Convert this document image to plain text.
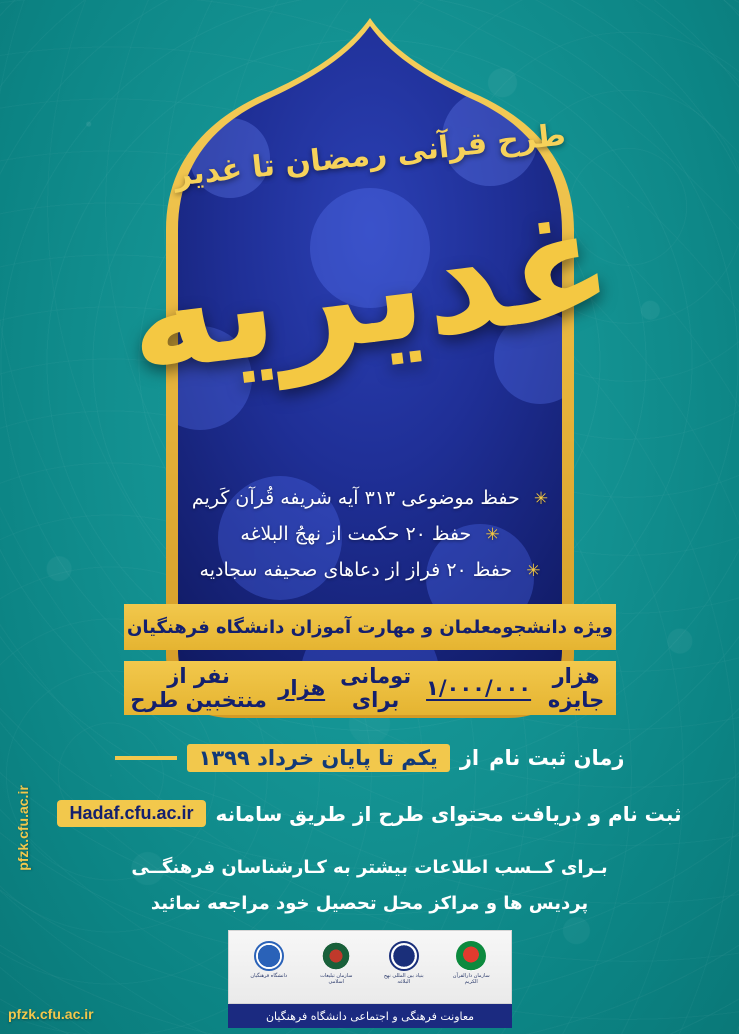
طرح قرآنی رمضان تا غدیر
غدیریه
✳ حفظ موضوعی ۳۱۳ آیه شریفه قُرآن کَریم
✳ حفظ ۲۰ حکمت از نهجُ البلاغه
✳ حفظ ۲۰ فراز از دعاهای صحیفه سجادیه
ویژه دانشجومعلمان و مهارت آموزان دانشگاه فرهنگیان
هزار جایزه
۱/۰۰۰/۰۰۰
تومانی برای
هزار
نفر از منتخبین طرح
زمان ثبت نام
از
یکم تا پایان خرداد ۱۳۹۹
ثبت نام و دریافت محتوای طرح از طریق سامانه
Hadaf.cfu.ac.ir
بـرای کــسب اطلاعات بیشتر به کـارشناسان فرهنگــی
پردیس ها و مراکز محل تحصیل خود مراجعه نمائید
سازمان دارالقرآن الکریم
بنیاد بین المللی نهج البلاغه
سازمان تبلیغات اسلامی
دانشگاه فرهنگیان
معاونت فرهنگی و اجتماعی دانشگاه فرهنگیان
pfzk.cfu.ac.ir
pfzk.cfu.ac.ir
